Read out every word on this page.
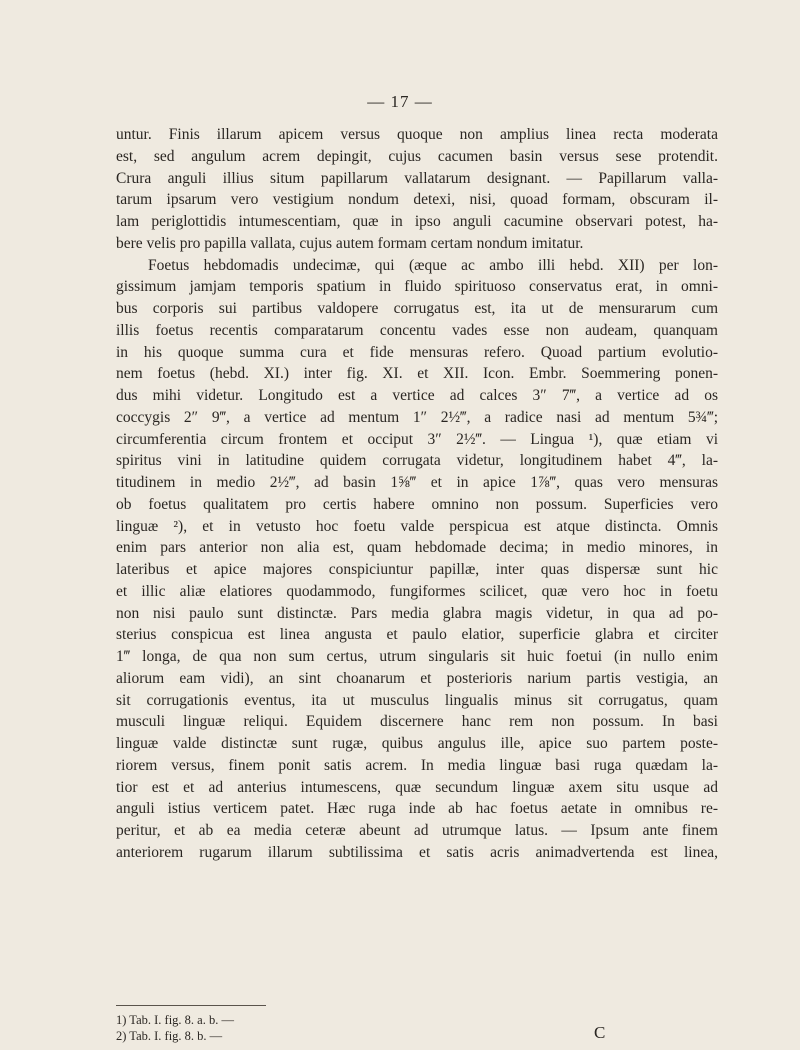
— 17 —
untur. Finis illarum apicem versus quoque non amplius linea recta moderata
est, sed angulum acrem depingit, cujus cacumen basin versus sese protendit.
Crura anguli illius situm papillarum vallatarum designant. — Papillarum valla-
tarum ipsarum vero vestigium nondum detexi, nisi, quoad formam, obscuram il-
lam periglottidis intumescentiam, quæ in ipso anguli cacumine observari potest, ha-
bere velis pro papilla vallata, cujus autem formam certam nondum imitatur.
Foetus hebdomadis undecimæ, qui (æque ac ambo illi hebd. XII) per lon-
gissimum jamjam temporis spatium in fluido spirituoso conservatus erat, in omni-
bus corporis sui partibus valdopere corrugatus est, ita ut de mensurarum cum
illis foetus recentis comparatarum concentu vades esse non audeam, quanquam
in his quoque summa cura et fide mensuras refero. Quoad partium evolutio-
nem foetus (hebd. XI.) inter fig. XI. et XII. Icon. Embr. Soemmering ponen-
dus mihi videtur. Longitudo est a vertice ad calces 3″ 7‴, a vertice ad os
coccygis 2″ 9‴, a vertice ad mentum 1″ 2½‴, a radice nasi ad mentum 5¾‴;
circumferentia circum frontem et occiput 3″ 2½‴. — Lingua ¹), quæ etiam vi
spiritus vini in latitudine quidem corrugata videtur, longitudinem habet 4‴, la-
titudinem in medio 2½‴, ad basin 1⅝‴ et in apice 1⅞‴, quas vero mensuras
ob foetus qualitatem pro certis habere omnino non possum. Superficies vero
linguæ ²), et in vetusto hoc foetu valde perspicua est atque distincta. Omnis
enim pars anterior non alia est, quam hebdomade decima; in medio minores, in
lateribus et apice majores conspiciuntur papillæ, inter quas dispersæ sunt hic
et illic aliæ elatiores quodammodo, fungiformes scilicet, quæ vero hoc in foetu
non nisi paulo sunt distinctæ. Pars media glabra magis videtur, in qua ad po-
sterius conspicua est linea angusta et paulo elatior, superficie glabra et circiter
1‴ longa, de qua non sum certus, utrum singularis sit huic foetui (in nullo enim
aliorum eam vidi), an sint choanarum et posterioris narium partis vestigia, an
sit corrugationis eventus, ita ut musculus lingualis minus sit corrugatus, quam
musculi linguæ reliqui. Equidem discernere hanc rem non possum. In basi
linguæ valde distinctæ sunt rugæ, quibus angulus ille, apice suo partem poste-
riorem versus, finem ponit satis acrem. In media linguæ basi ruga quædam la-
tior est et ad anterius intumescens, quæ secundum linguæ axem situ usque ad
anguli istius verticem patet. Hæc ruga inde ab hac foetus aetate in omnibus re-
peritur, et ab ea media ceteræ abeunt ad utrumque latus. — Ipsum ante finem
anteriorem rugarum illarum subtilissima et satis acris animadvertenda est linea,
1) Tab. I. fig. 8. a. b. —
2) Tab. I. fig. 8. b. —	C
